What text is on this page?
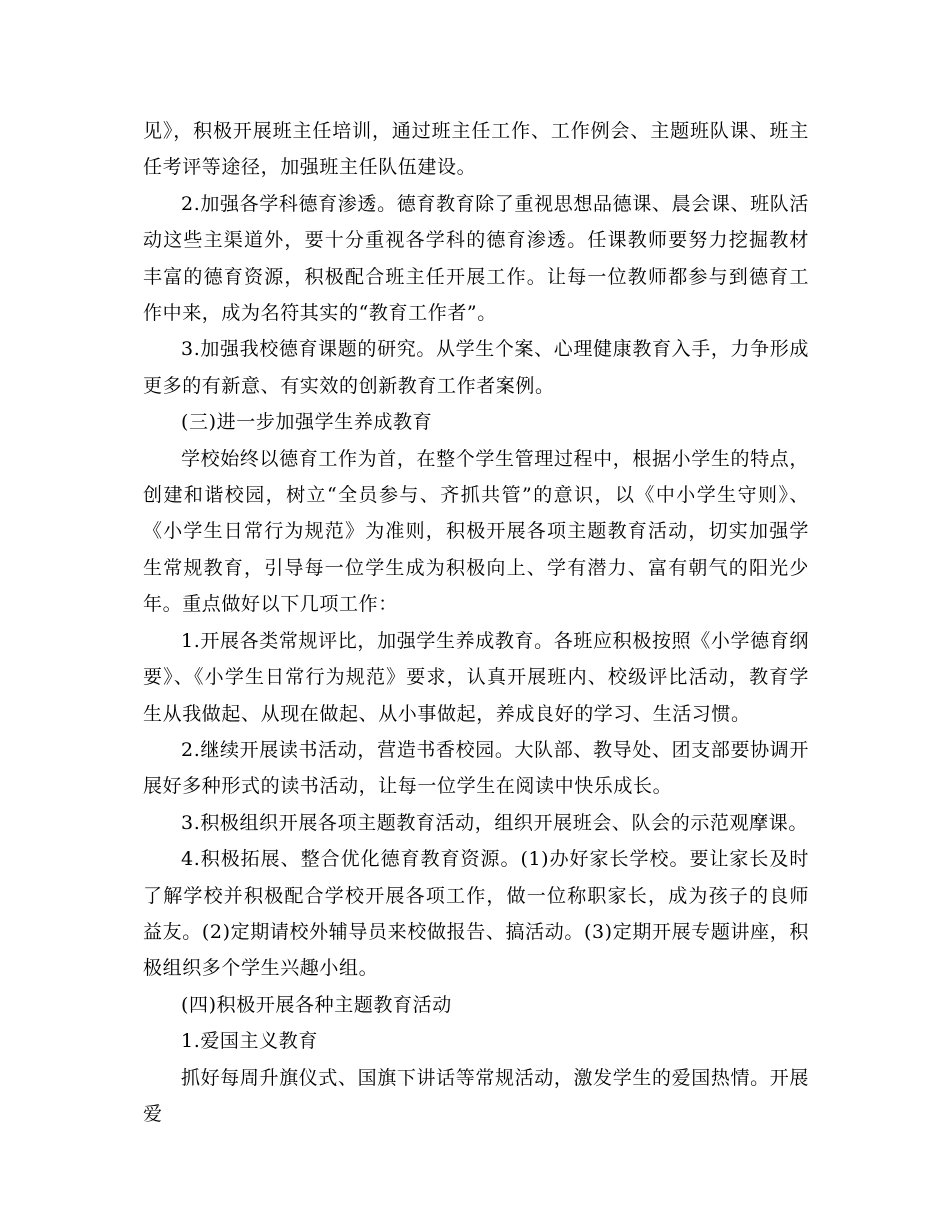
见》，积极开展班主任培训，通过班主任工作、工作例会、主题班队课、班主任考评等途径，加强班主任队伍建设。

2.加强各学科德育渗透。德育教育除了重视思想品德课、晨会课、班队活动这些主渠道外，要十分重视各学科的德育渗透。任课教师要努力挖掘教材丰富的德育资源，积极配合班主任开展工作。让每一位教师都参与到德育工作中来，成为名符其实的“教育工作者”。

3.加强我校德育课题的研究。从学生个案、心理健康教育入手，力争形成更多的有新意、有实效的创新教育工作者案例。

(三)进一步加强学生养成教育

学校始终以德育工作为首，在整个学生管理过程中，根据小学生的特点，创建和谐校园，树立“全员参与、齐抓共管”的意识，以《中小学生守则》、《小学生日常行为规范》为准则，积极开展各项主题教育活动，切实加强学生常规教育，引导每一位学生成为积极向上、学有潜力、富有朝气的阳光少年。重点做好以下几项工作：

1.开展各类常规评比，加强学生养成教育。各班应积极按照《小学德育纲要》、《小学生日常行为规范》要求，认真开展班内、校级评比活动，教育学生从我做起、从现在做起、从小事做起，养成良好的学习、生活习惯。

2.继续开展读书活动，营造书香校园。大队部、教导处、团支部要协调开展好多种形式的读书活动，让每一位学生在阅读中快乐成长。

3.积极组织开展各项主题教育活动，组织开展班会、队会的示范观摩课。

4.积极拓展、整合优化德育教育资源。(1)办好家长学校。要让家长及时了解学校并积极配合学校开展各项工作，做一位称职家长，成为孩子的良师益友。(2)定期请校外辅导员来校做报告、搞活动。(3)定期开展专题讲座，积极组织多个学生兴趣小组。

(四)积极开展各种主题教育活动

1.爱国主义教育

抓好每周升旗仪式、国旗下讲话等常规活动，激发学生的爱国热情。开展爱
